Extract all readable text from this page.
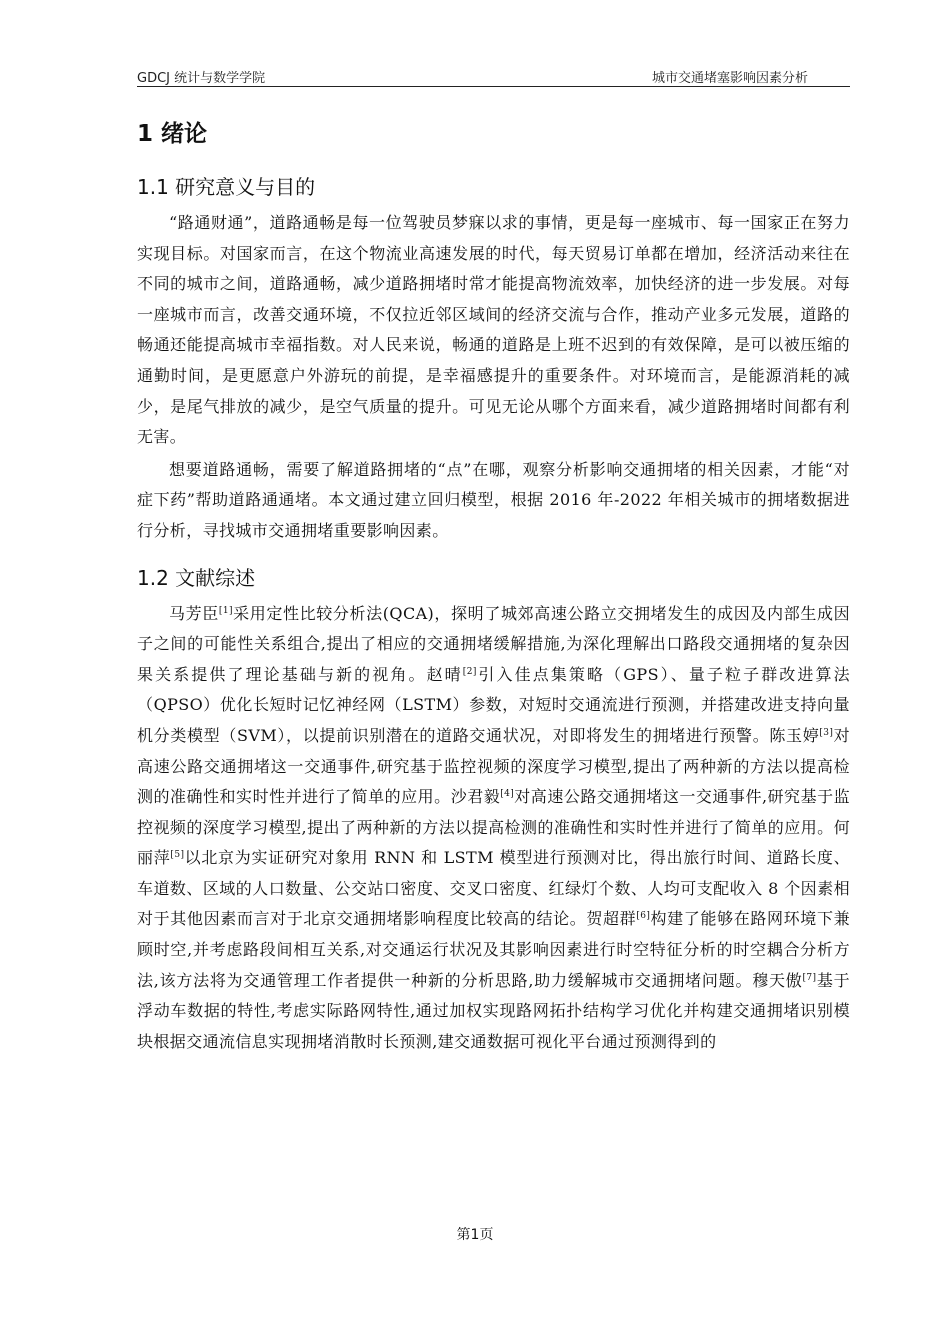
GDCJ 统计与数学学院	城市交通堵塞影响因素分析
1 绪论
1.1 研究意义与目的

“路通财通”，道路通畅是每一位驾驶员梦寐以求的事情，更是每一座城市、每一国家正在努力实现目标。对国家而言，在这个物流业高速发展的时代，每天贸易订单都在增加，经济活动来往在不同的城市之间，道路通畅，减少道路拥堵时常才能提高物流效率，加快经济的进一步发展。对每一座城市而言，改善交通环境，不仅拉近邻区域间的经济交流与合作，推动产业多元发展，道路的畅通还能提高城市幸福指数。对人民来说，畅通的道路是上班不迟到的有效保障，是可以被压缩的通勤时间，是更愿意户外游玩的前提，是幸福感提升的重要条件。对环境而言，是能源消耗的减少，是尾气排放的减少，是空气质量的提升。可见无论从哪个方面来看，减少道路拥堵时间都有利无害。

想要道路通畅，需要了解道路拥堵的“点”在哪，观察分析影响交通拥堵的相关因素，才能“对症下药”帮助道路通通堵。本文通过建立回归模型，根据 2016 年-2022 年相关城市的拥堵数据进行分析，寻找城市交通拥堵重要影响因素。

1.2 文献综述

马芳臣[1]采用定性比较分析法(QCA)，探明了城郊高速公路立交拥堵发生的成因及内部生成因子之间的可能性关系组合,提出了相应的交通拥堵缓解措施,为深化理解出口路段交通拥堵的复杂因果关系提供了理论基础与新的视角。赵晴[2]引入佳点集策略（GPS）、量子粒子群改进算法（QPSO）优化长短时记忆神经网（LSTM）参数，对短时交通流进行预测，并搭建改进支持向量机分类模型（SVM），以提前识别潜在的道路交通状况，对即将发生的拥堵进行预警。陈玉婷[3]对高速公路交通拥堵这一交通事件,研究基于监控视频的深度学习模型,提出了两种新的方法以提高检测的准确性和实时性并进行了简单的应用。沙君毅[4]对高速公路交通拥堵这一交通事件,研究基于监控视频的深度学习模型,提出了两种新的方法以提高检测的准确性和实时性并进行了简单的应用。何丽萍[5]以北京为实证研究对象用 RNN 和 LSTM 模型进行预测对比，得出旅行时间、道路长度、车道数、区域的人口数量、公交站口密度、交叉口密度、红绿灯个数、人均可支配收入 8 个因素相对于其他因素而言对于北京交通拥堵影响程度比较高的结论。贺超群[6]构建了能够在路网环境下兼顾时空,并考虑路段间相互关系,对交通运行状况及其影响因素进行时空特征分析的时空耦合分析方法,该方法将为交通管理工作者提供一种新的分析思路,助力缓解城市交通拥堵问题。穆天傲[7]基于浮动车数据的特性,考虑实际路网特性,通过加权实现路网拓扑结构学习优化并构建交通拥堵识别模块根据交通流信息实现拥堵消散时长预测,建交通数据可视化平台通过预测得到的

第1页
